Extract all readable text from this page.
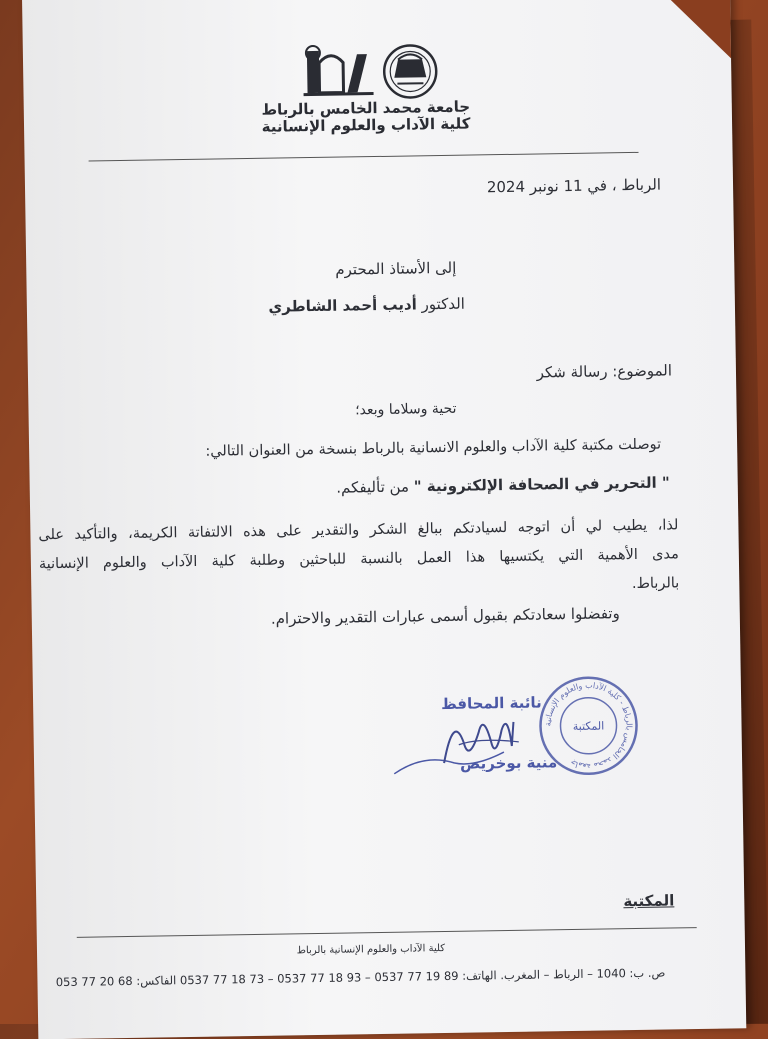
جامعة محمد الخامس بالرباط
كلية الآداب والعلوم الإنسانية
الرباط ، في 11 نونبر 2024
إلى الأستاذ المحترم
الدكتور أديب أحمد الشاطري
الموضوع: رسالة شكر
تحية وسلاما وبعد؛
توصلت مكتبة كلية الآداب والعلوم الانسانية بالرباط بنسخة من العنوان التالي:
" التحرير في الصحافة الإلكترونية " من تأليفكم.
لذا، يطيب لي أن اتوجه لسيادتكم ببالغ الشكر والتقدير على هذه الالتفاتة الكريمة، والتأكيد على
مدى الأهمية التي يكتسيها هذا العمل بالنسبة للباحثين وطلبة كلية الآداب والعلوم الإنسانية
بالرباط.
وتفضلوا سعادتكم بقبول أسمى عبارات التقدير والاحترام.
جامعة محمد الخامس بالرباط - كلية الآداب والعلوم الإنسانية
المكتبة
نائبة المحافظ
منية بوخريص
المكتبة
كلية الآداب والعلوم الإنسانية بالرباط
ص. ب: 1040 – الرباط – المغرب. الهاتف: 89 19 77 0537 – 93 18 77 0537 – 73 18 77 0537 الفاكس: 68 20 77 053
